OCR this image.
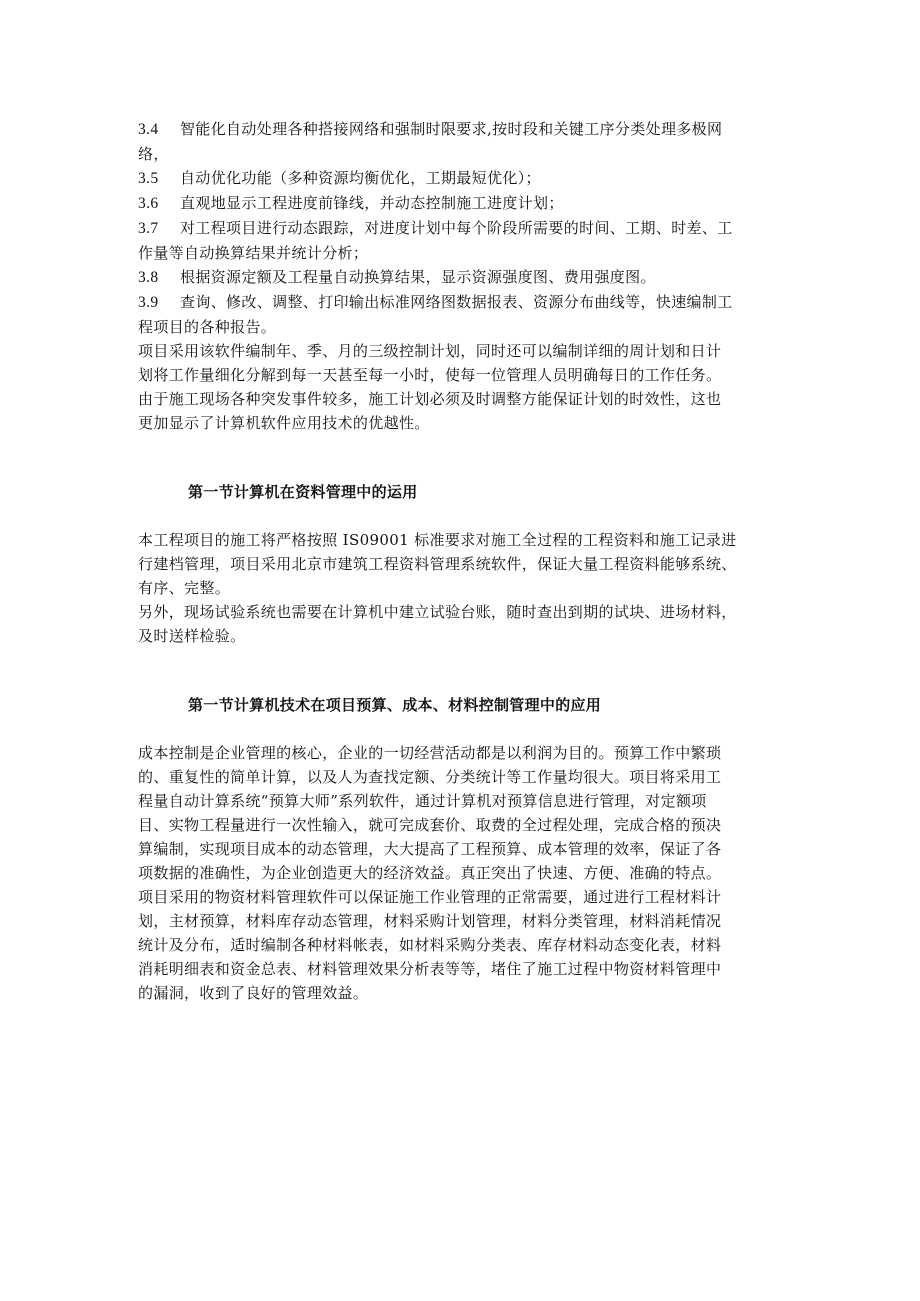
3.4 智能化自动处理各种搭接网络和强制时限要求,按时段和关键工序分类处理多极网
络，
3.5 自动优化功能（多种资源均衡优化，工期最短优化）；
3.6 直观地显示工程进度前锋线，并动态控制施工进度计划；
3.7 对工程项目进行动态跟踪，对进度计划中每个阶段所需要的时间、工期、时差、工
作量等自动换算结果并统计分析；
3.8 根据资源定额及工程量自动换算结果，显示资源强度图、费用强度图。
3.9 查询、修改、调整、打印输出标准网络图数据报表、资源分布曲线等，快速编制工
程项目的各种报告。
项目采用该软件编制年、季、月的三级控制计划，同时还可以编制详细的周计划和日计
划将工作量细化分解到每一天甚至每一小时，使每一位管理人员明确每日的工作任务。
由于施工现场各种突发事件较多，施工计划必须及时调整方能保证计划的时效性，这也
更加显示了计算机软件应用技术的优越性。
第一节计算机在资料管理中的运用
本工程项目的施工将严格按照 IS09001 标准要求对施工全过程的工程资料和施工记录进
行建档管理，项目采用北京市建筑工程资料管理系统软件，保证大量工程资料能够系统、
有序、完整。
另外，现场试验系统也需要在计算机中建立试验台账，随时查出到期的试块、进场材料，
及时送样检验。
第一节计算机技术在项目预算、成本、材料控制管理中的应用
成本控制是企业管理的核心，企业的一切经营活动都是以利润为目的。预算工作中繁琐
的、重复性的简单计算，以及人为查找定额、分类统计等工作量均很大。项目将采用工
程量自动计算系统“预算大师”系列软件，通过计算机对预算信息进行管理，对定额项
目、实物工程量进行一次性输入，就可完成套价、取费的全过程处理，完成合格的预决
算编制，实现项目成本的动态管理，大大提高了工程预算、成本管理的效率，保证了各
项数据的准确性，为企业创造更大的经济效益。真正突出了快速、方便、准确的特点。
项目采用的物资材料管理软件可以保证施工作业管理的正常需要，通过进行工程材料计
划，主材预算，材料库存动态管理，材料采购计划管理，材料分类管理，材料消耗情况
统计及分布，适时编制各种材料帐表，如材料采购分类表、库存材料动态变化表，材料
消耗明细表和资金总表、材料管理效果分析表等等，堵住了施工过程中物资材料管理中
的漏洞，收到了良好的管理效益。
